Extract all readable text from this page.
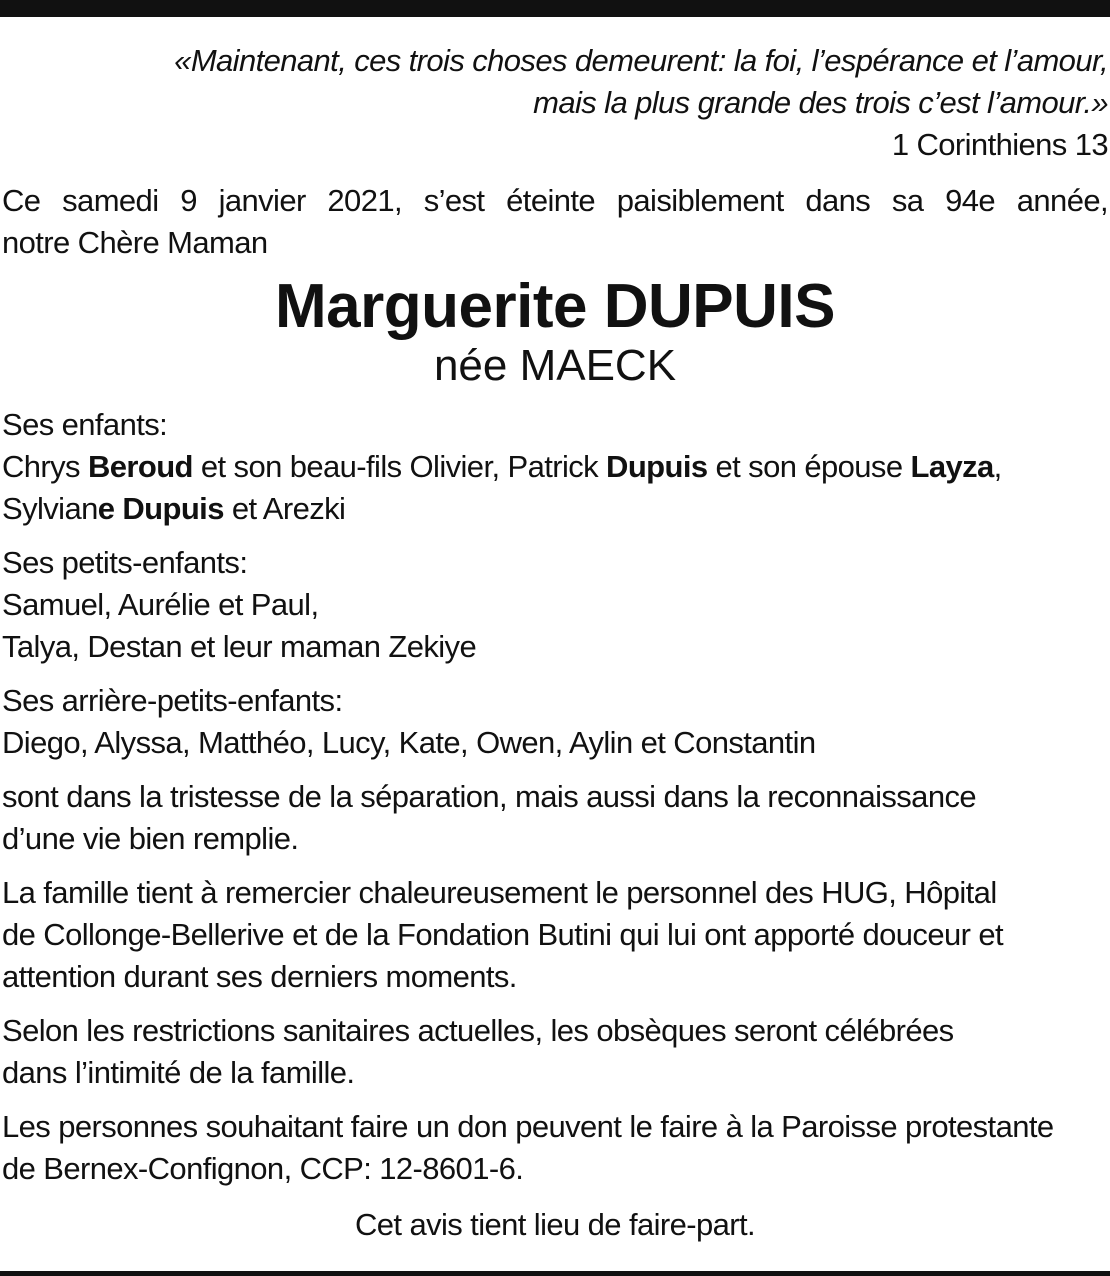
«Maintenant, ces trois choses demeurent: la foi, l’espérance et l’amour,
mais la plus grande des trois c’est l’amour.»
1 Corinthiens 13
Ce samedi 9 janvier 2021, s’est éteinte paisiblement dans sa 94e année,
notre Chère Maman
Marguerite DUPUIS
née MAECK
Ses enfants:
Chrys Beroud et son beau-fils Olivier, Patrick Dupuis et son épouse Layza,
Sylviane Dupuis et Arezki
Ses petits-enfants:
Samuel, Aurélie et Paul,
Talya, Destan et leur maman Zekiye
Ses arrière-petits-enfants:
Diego, Alyssa, Matthéo, Lucy, Kate, Owen, Aylin et Constantin
sont dans la tristesse de la séparation, mais aussi dans la reconnaissance
d’une vie bien remplie.
La famille tient à remercier chaleureusement le personnel des HUG, Hôpital
de Collonge-Bellerive et de la Fondation Butini qui lui ont apporté douceur et
attention durant ses derniers moments.
Selon les restrictions sanitaires actuelles, les obsèques seront célébrées
dans l’intimité de la famille.
Les personnes souhaitant faire un don peuvent le faire à la Paroisse protestante
de Bernex-Confignon, CCP: 12-8601-6.
Cet avis tient lieu de faire-part.
